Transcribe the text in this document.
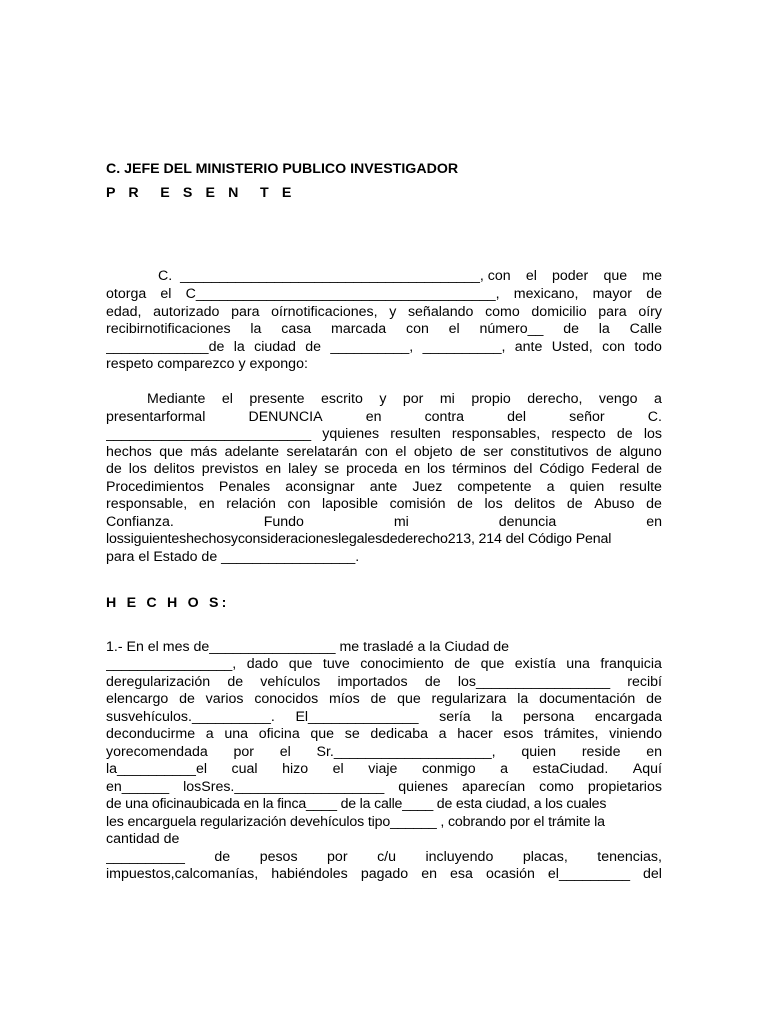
C. JEFE DEL MINISTERIO PUBLICO INVESTIGADOR
P R  E S E N  T E
C.  ______________________________________, con el poder que me
otorga el C______________________________________, mexicano, mayor de
edad, autorizado para oírnotificaciones, y señalando como domicilio para oíry
recibirnotificaciones la casa marcada con el número__ de la Calle
_____________de la ciudad de __________, __________, ante Usted, con todo
respeto comparezco y expongo:
Mediante el presente escrito y por mi propio derecho, vengo a
presentarformal	DENUNCIA	en	contra	del	señor	C.
__________________________ yquienes resulten responsables, respecto de los
hechos que más adelante serelatarán con el objeto de ser constitutivos de alguno
de los delitos previstos en laley se proceda en los términos del Código Federal de
Procedimientos Penales aconsignar ante Juez competente a quien resulte
responsable, en relación con laposible comisión de los delitos de Abuso de
Confianza.	Fundo	mi	denuncia	en
lossiguienteshechosyconsideracioneslegalesdederecho213, 214 del Código Penal
para el Estado de _________________.
H E C H O S:
1.- En el mes de________________ me trasladé a la Ciudad de
________________, dado que tuve conocimiento de que existía una franquicia
deregularización de vehículos importados de los_________________ recibí
elencargo de varios conocidos míos de que regularizara la documentación de
susvehículos.__________. El______________ sería la persona encargada
deconducirme a una oficina que se dedicaba a hacer esos trámites, viniendo
yorecomendada por el Sr.____________________, quien reside en
la__________el cual hizo el viaje conmigo a estaCiudad. Aquí
en______ losSres.___________________ quienes aparecían como propietarios
de una oficinaubicada en la finca____ de la calle____ de esta ciudad, a los cuales
les encarguela regularización devehículos tipo______ , cobrando por el trámite la
cantidad de
__________ de pesos por c/u incluyendo placas, tenencias,
impuestos,calcomanías, habiéndoles pagado en esa ocasión el_________ del
